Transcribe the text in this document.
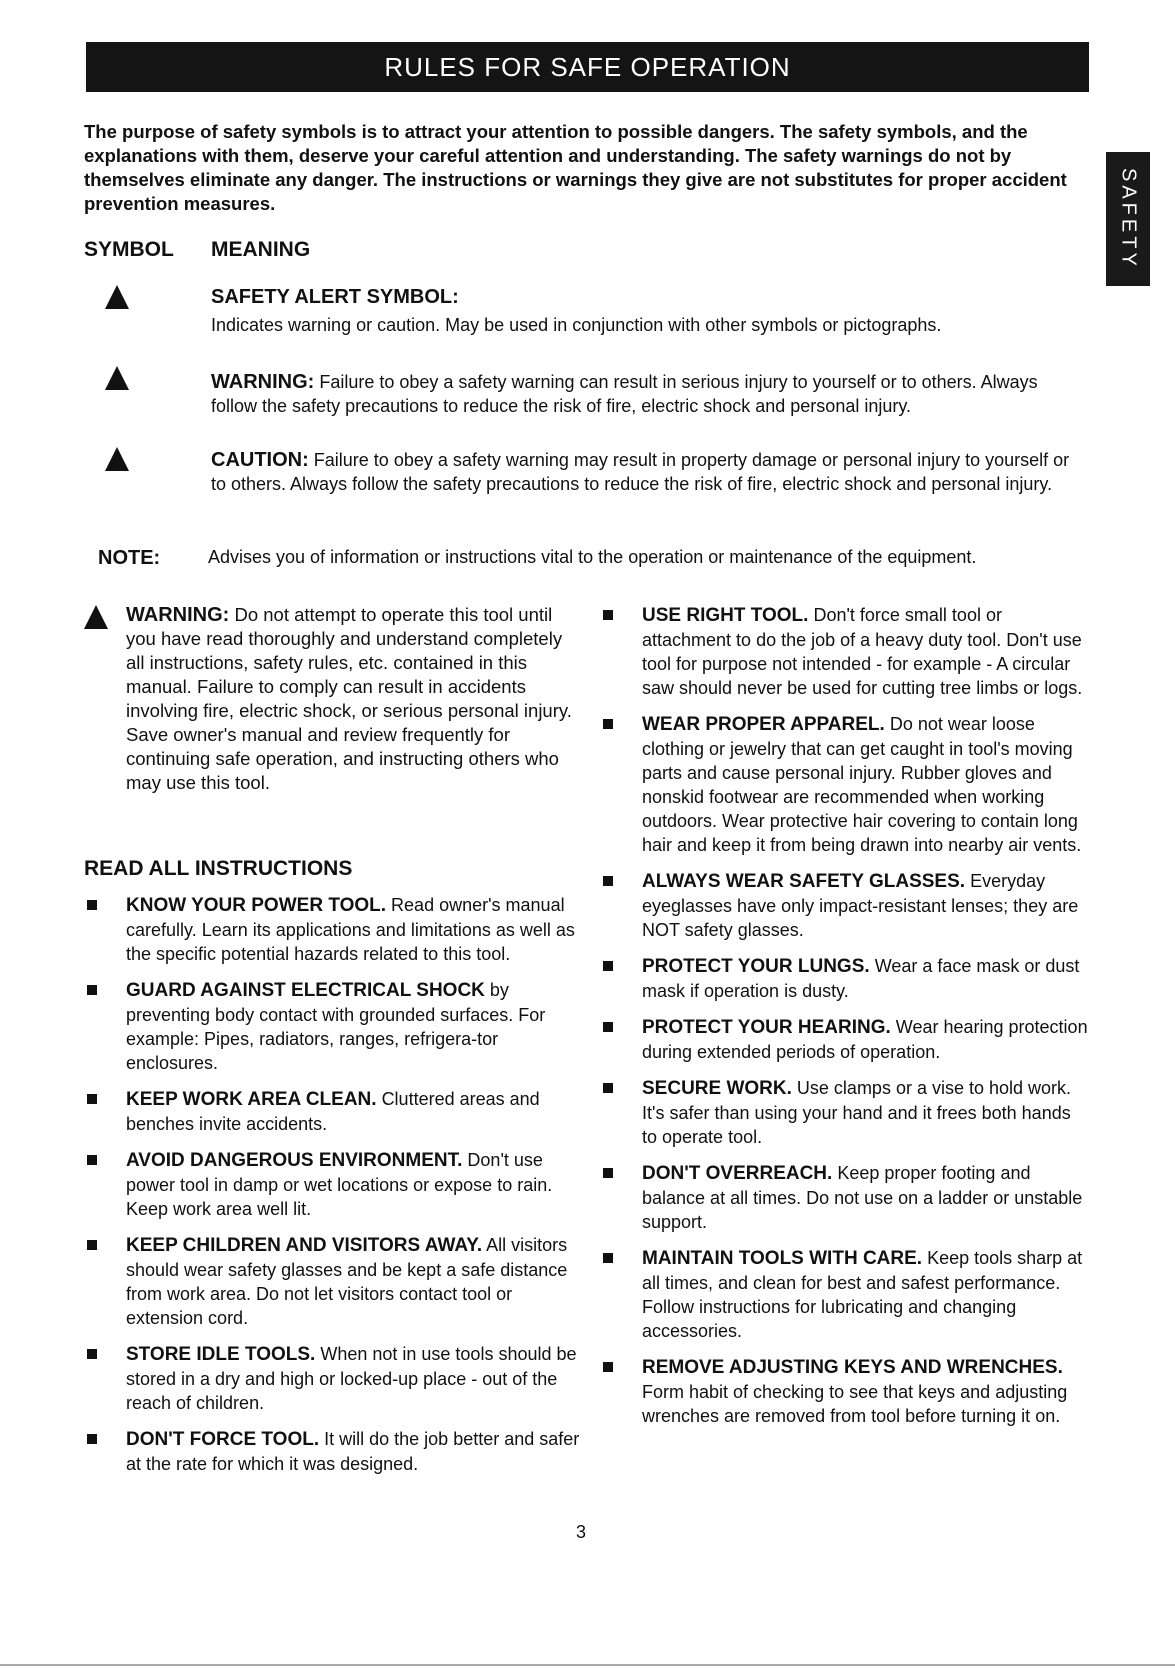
RULES FOR SAFE OPERATION
SAFETY
The purpose of safety symbols is to attract your attention to possible dangers. The safety symbols, and the explanations with them, deserve your careful attention and understanding. The safety warnings do not by themselves eliminate any danger. The instructions or warnings they give are not substitutes for proper accident prevention measures.
SYMBOL MEANING
SAFETY ALERT SYMBOL:
Indicates warning or caution. May be used in conjunction with other symbols or pictographs.
WARNING: Failure to obey a safety warning can result in serious injury to yourself or to others. Always follow the safety precautions to reduce the risk of fire, electric shock and personal injury.
CAUTION: Failure to obey a safety warning may result in property damage or personal injury to yourself or to others. Always follow the safety precautions to reduce the risk of fire, electric shock and personal injury.
NOTE:	Advises you of information or instructions vital to the operation or maintenance of the equipment.
WARNING: Do not attempt to operate this tool until you have read thoroughly and understand completely all instructions, safety rules, etc. contained in this manual. Failure to comply can result in accidents involving fire, electric shock, or serious personal injury. Save owner's manual and review frequently for continuing safe operation, and instructing others who may use this tool.
READ ALL INSTRUCTIONS
KNOW YOUR POWER TOOL. Read owner's manual carefully. Learn its applications and limitations as well as the specific potential hazards related to this tool.
GUARD AGAINST ELECTRICAL SHOCK by preventing body contact with grounded surfaces. For example: Pipes, radiators, ranges, refrigera-tor enclosures.
KEEP WORK AREA CLEAN. Cluttered areas and benches invite accidents.
AVOID DANGEROUS ENVIRONMENT. Don't use power tool in damp or wet locations or expose to rain. Keep work area well lit.
KEEP CHILDREN AND VISITORS AWAY. All visitors should wear safety glasses and be kept a safe distance from work area. Do not let visitors contact tool or extension cord.
STORE IDLE TOOLS. When not in use tools should be stored in a dry and high or locked-up place - out of the reach of children.
DON'T FORCE TOOL. It will do the job better and safer at the rate for which it was designed.
USE RIGHT TOOL. Don't force small tool or attachment to do the job of a heavy duty tool. Don't use tool for purpose not intended - for example - A circular saw should never be used for cutting tree limbs or logs.
WEAR PROPER APPAREL. Do not wear loose clothing or jewelry that can get caught in tool's moving parts and cause personal injury. Rubber gloves and nonskid footwear are recommended when working outdoors. Wear protective hair covering to contain long hair and keep it from being drawn into nearby air vents.
ALWAYS WEAR SAFETY GLASSES. Everyday eyeglasses have only impact-resistant lenses; they are NOT safety glasses.
PROTECT YOUR LUNGS. Wear a face mask or dust mask if operation is dusty.
PROTECT YOUR HEARING. Wear hearing protection during extended periods of operation.
SECURE WORK. Use clamps or a vise to hold work. It's safer than using your hand and it frees both hands to operate tool.
DON'T OVERREACH. Keep proper footing and balance at all times. Do not use on a ladder or unstable support.
MAINTAIN TOOLS WITH CARE. Keep tools sharp at all times, and clean for best and safest performance. Follow instructions for lubricating and changing accessories.
REMOVE ADJUSTING KEYS AND WRENCHES. Form habit of checking to see that keys and adjusting wrenches are removed from tool before turning it on.
3
